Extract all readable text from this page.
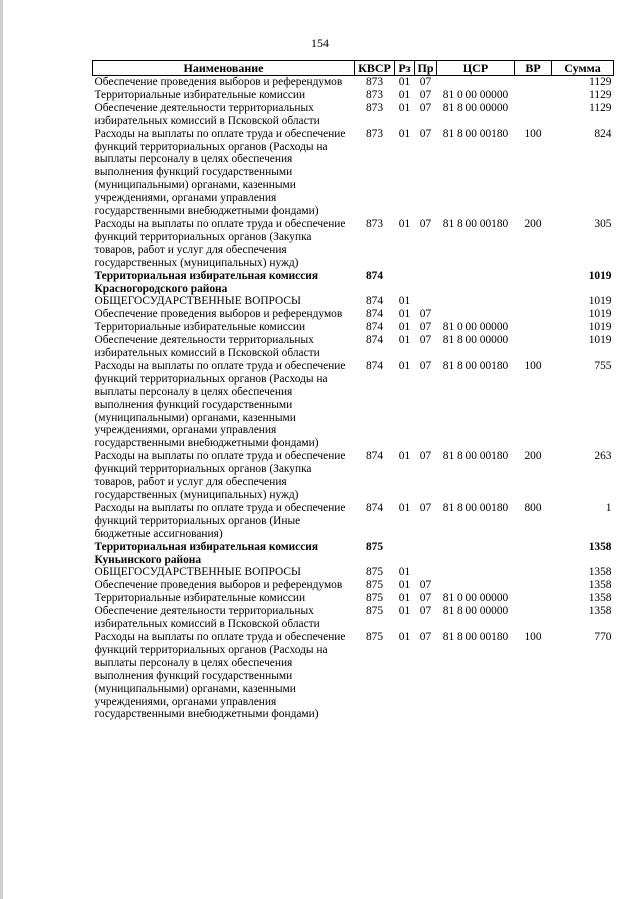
154
Наименование	КВСР	Рз	Пр	ЦСР	ВР	Сумма
Обеспечение проведения выборов и референдумов	873	01	07			1129
Территориальные избирательные комиссии	873	01	07	81 0 00 00000		1129
Обеспечение деятельности территориальных избирательных комиссий в Псковской области	873	01	07	81 8 00 00000		1129
Расходы на выплаты по оплате труда и обеспечение функций территориальных органов (Расходы на выплаты персоналу в целях обеспечения выполнения функций государственными (муниципальными) органами, казенными учреждениями, органами управления государственными внебюджетными фондами)	873	01	07	81 8 00 00180	100	824
Расходы на выплаты по оплате труда и обеспечение функций территориальных органов (Закупка товаров, работ и услуг для обеспечения государственных (муниципальных) нужд)	873	01	07	81 8 00 00180	200	305
Территориальная избирательная комиссия Красногородского района	874					1019
ОБЩЕГОСУДАРСТВЕННЫЕ ВОПРОСЫ	874	01				1019
Обеспечение проведения выборов и референдумов	874	01	07			1019
Территориальные избирательные комиссии	874	01	07	81 0 00 00000		1019
Обеспечение деятельности территориальных избирательных комиссий в Псковской области	874	01	07	81 8 00 00000		1019
Расходы на выплаты по оплате труда и обеспечение функций территориальных органов (Расходы на выплаты персоналу в целях обеспечения выполнения функций государственными (муниципальными) органами, казенными учреждениями, органами управления государственными внебюджетными фондами)	874	01	07	81 8 00 00180	100	755
Расходы на выплаты по оплате труда и обеспечение функций территориальных органов (Закупка товаров, работ и услуг для обеспечения государственных (муниципальных) нужд)	874	01	07	81 8 00 00180	200	263
Расходы на выплаты по оплате труда и обеспечение функций территориальных органов (Иные бюджетные ассигнования)	874	01	07	81 8 00 00180	800	1
Территориальная избирательная комиссия Куньинского района	875					1358
ОБЩЕГОСУДАРСТВЕННЫЕ ВОПРОСЫ	875	01				1358
Обеспечение проведения выборов и референдумов	875	01	07			1358
Территориальные избирательные комиссии	875	01	07	81 0 00 00000		1358
Обеспечение деятельности территориальных избирательных комиссий в Псковской области	875	01	07	81 8 00 00000		1358
Расходы на выплаты по оплате труда и обеспечение функций территориальных органов (Расходы на выплаты персоналу в целях обеспечения выполнения функций государственными (муниципальными) органами, казенными учреждениями, органами управления государственными внебюджетными фондами)	875	01	07	81 8 00 00180	100	770
